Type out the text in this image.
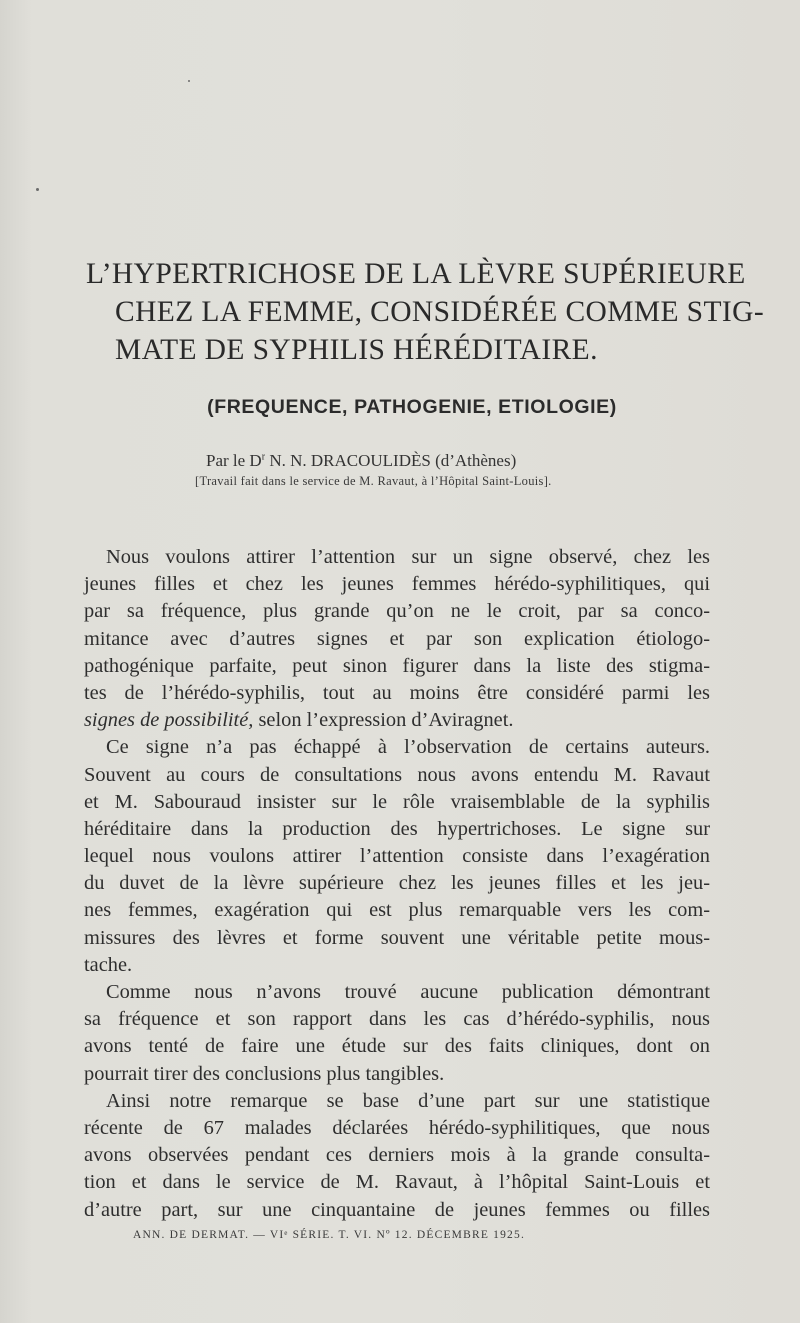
L’HYPERTRICHOSE DE LA LÈVRE SUPÉRIEURE
CHEZ LA FEMME, CONSIDÉRÉE COMME STIG-
MATE DE SYPHILIS HÉRÉDITAIRE.
(FREQUENCE, PATHOGENIE, ETIOLOGIE)
Par le $D^r$ N. N. DRACOULIDÈS (d’Athènes)
[Travail fait dans le service de M. Ravaut, à l’Hôpital Saint-Louis].
Nous voulons attirer l’attention sur un signe observé, chez les
jeunes filles et chez les jeunes femmes hérédo-syphilitiques, qui
par sa fréquence, plus grande qu’on ne le croit, par sa conco-
mitance avec d’autres signes et par son explication étiologo-
pathogénique parfaite, peut sinon figurer dans la liste des stigma-
tes de l’hérédo-syphilis, tout au moins être considéré parmi les
signes de possibilité, selon l’expression d’Aviragnet.
Ce signe n’a pas échappé à l’observation de certains auteurs.
Souvent au cours de consultations nous avons entendu M. Ravaut
et M. Sabouraud insister sur le rôle vraisemblable de la syphilis
héréditaire dans la production des hypertrichoses. Le signe sur
lequel nous voulons attirer l’attention consiste dans l’exagération
du duvet de la lèvre supérieure chez les jeunes filles et les jeu-
nes femmes, exagération qui est plus remarquable vers les com-
missures des lèvres et forme souvent une véritable petite mous-
tache.
Comme nous n’avons trouvé aucune publication démontrant
sa fréquence et son rapport dans les cas d’hérédo-syphilis, nous
avons tenté de faire une étude sur des faits cliniques, dont on
pourrait tirer des conclusions plus tangibles.
Ainsi notre remarque se base d’une part sur une statistique
récente de 67 malades déclarées hérédo-syphilitiques, que nous
avons observées pendant ces derniers mois à la grande consulta-
tion et dans le service de M. Ravaut, à l’hôpital Saint-Louis et
d’autre part, sur une cinquantaine de jeunes femmes ou filles
ANN. DE DERMAT. — VIᵉ SÉRIE. T. VI. Nº 12. DÉCEMBRE 1925.
